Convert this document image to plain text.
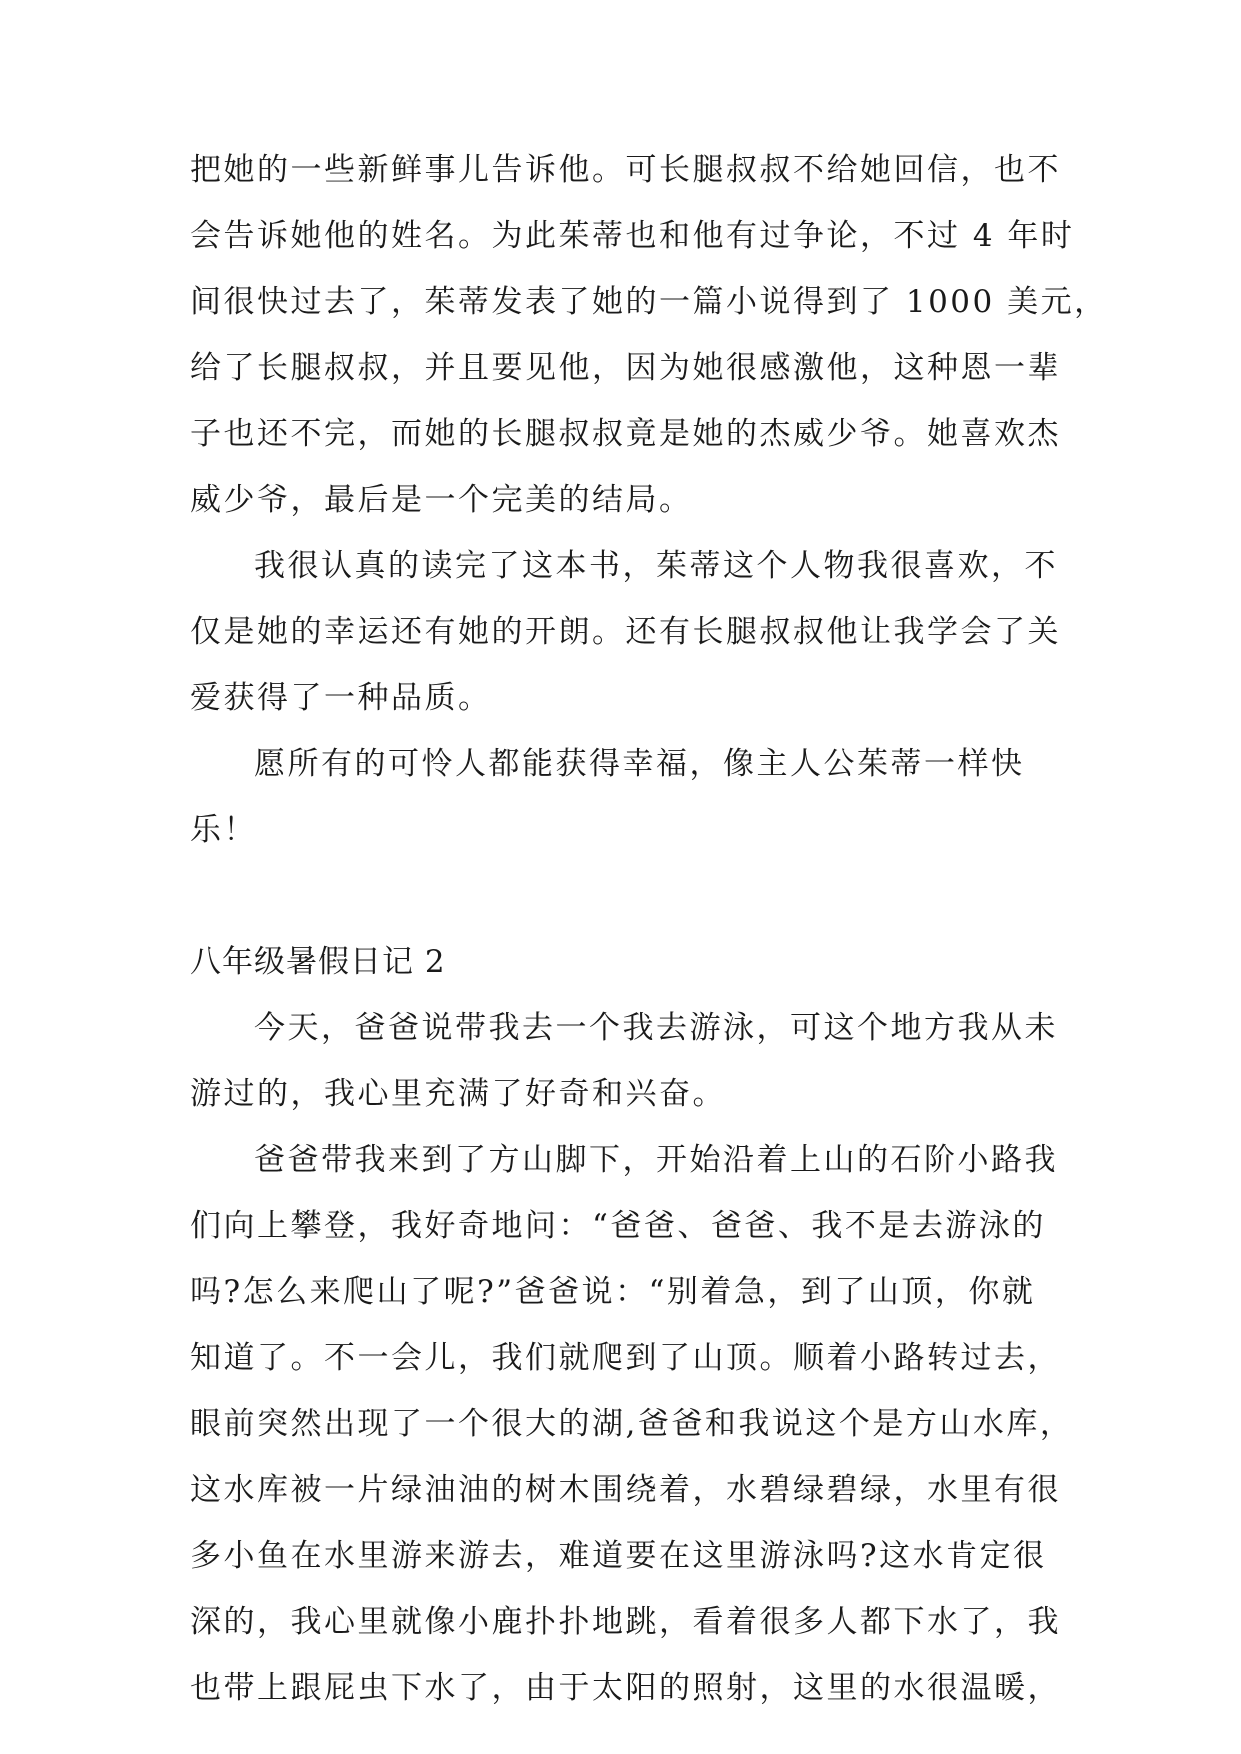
把她的一些新鲜事儿告诉他。可长腿叔叔不给她回信，也不
会告诉她他的姓名。为此茱蒂也和他有过争论，不过 4 年时
间很快过去了，茱蒂发表了她的一篇小说得到了 1000 美元，
给了长腿叔叔，并且要见他，因为她很感激他，这种恩一辈
子也还不完，而她的长腿叔叔竟是她的杰威少爷。她喜欢杰
威少爷，最后是一个完美的结局。
我很认真的读完了这本书，茱蒂这个人物我很喜欢，不
仅是她的幸运还有她的开朗。还有长腿叔叔他让我学会了关
爱获得了一种品质。
愿所有的可怜人都能获得幸福，像主人公茱蒂一样快
乐！
八年级暑假日记 2
今天，爸爸说带我去一个我去游泳，可这个地方我从未
游过的，我心里充满了好奇和兴奋。
爸爸带我来到了方山脚下，开始沿着上山的石阶小路我
们向上攀登，我好奇地问：“爸爸、爸爸、我不是去游泳的
吗?怎么来爬山了呢?”爸爸说：“别着急，到了山顶，你就
知道了。不一会儿，我们就爬到了山顶。顺着小路转过去，
眼前突然出现了一个很大的湖,爸爸和我说这个是方山水库，
这水库被一片绿油油的树木围绕着，水碧绿碧绿，水里有很
多小鱼在水里游来游去，难道要在这里游泳吗?这水肯定很
深的，我心里就像小鹿扑扑地跳，看着很多人都下水了，我
也带上跟屁虫下水了，由于太阳的照射，这里的水很温暖，
